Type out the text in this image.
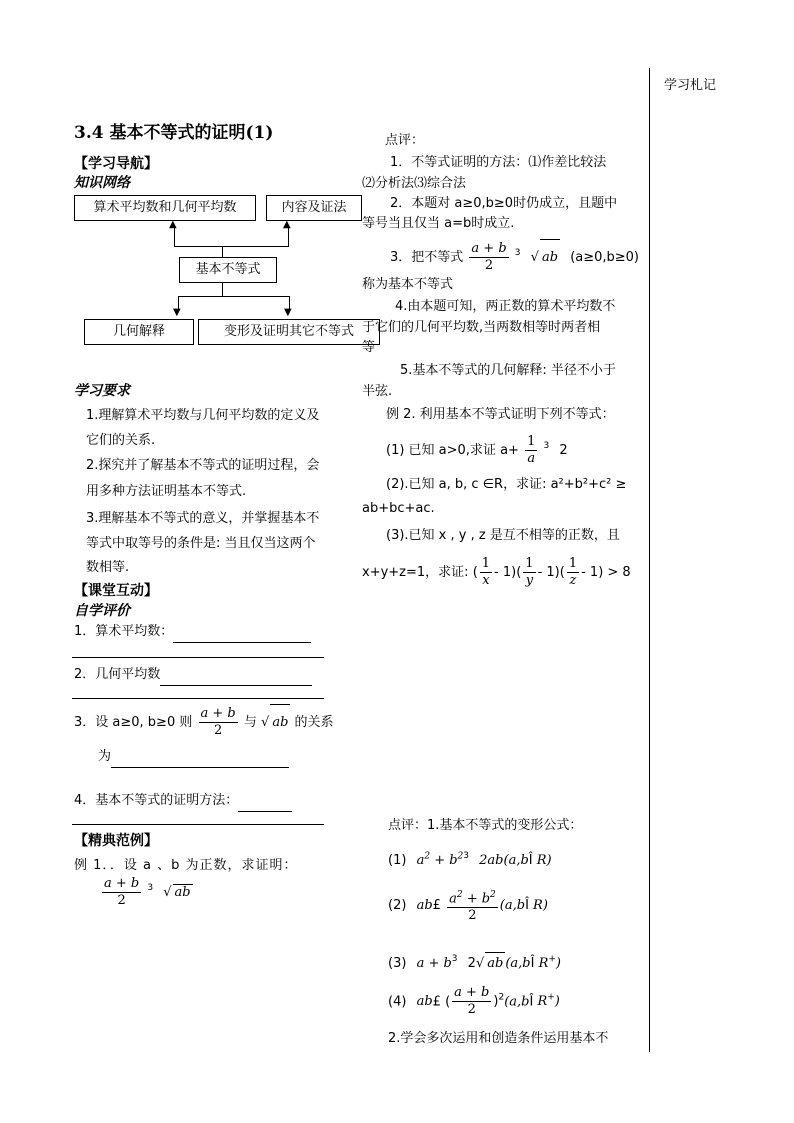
学习札记
3.4 基本不等式的证明(1)
【学习导航】
知识网络
算术平均数和几何平均数	内容及证法
▲	▲
基本不等式
▼	▼
几何解释	变形及证明其它不等式
学习要求
1.理解算术平均数与几何平均数的定义及
它们的关系.
2.探究并了解基本不等式的证明过程，会
用多种方法证明基本不等式.
3.理解基本不等式的意义，并掌握基本不
等式中取等号的条件是: 当且仅当这两个
数相等.
【课堂互动】
自学评价
1．算术平均数：
2．几何平均数
3．设 a≥0, b≥0 则 $\frac{a + b}{2}$ 与 √ ab 的关系
为
4．基本不等式的证明方法：
【精典范例】
例 1．．设 a 、b 为正数，求证明：
$\frac{a + b}{2} ^3$ √ ab
点评：
1．不等式证明的方法：⑴作差比较法
⑵分析法⑶综合法
2．本题对 a≥0,b≥0时仍成立，且题中
等号当且仅当 a=b时成立.
3．把不等式 $\frac{a + b}{2} ^3$ √ ab (a≥0,b≥0)
称为基本不等式
4.由本题可知，两正数的算术平均数不
于它们的几何平均数,当两数相等时两者相
等
5.基本不等式的几何解释: 半径不小于
半弦.
例 2. 利用基本不等式证明下列不等式：
(1) 已知 a>0,求证 $a+ \frac{1}{a} ^3$ 2
(2).已知 a, b, c ∈R，求证: a²+b²+c² ≥
ab+bc+ac.
(3).已知 x , y , z 是互不相等的正数，且
x+y+z=1，求证: ( $\frac{1}{x} - 1)( \frac{1}{y} - 1)( \frac{1}{z} - 1) > 8$
点评：1.基本不等式的变形公式：
(1) $a^2 + b^{23}$ 2ab(a,bÎ R)
(2) ab£ $\frac{a^2 + b^2}{2}$ (a,bÎ R)
(3) $a + b^3$ 2√ ab (a,bÎ R+)
(4) ab£ ( $\frac{a + b}{2}$ )$^2$(a,bÎ R+)
2.学会多次运用和创造条件运用基本不
